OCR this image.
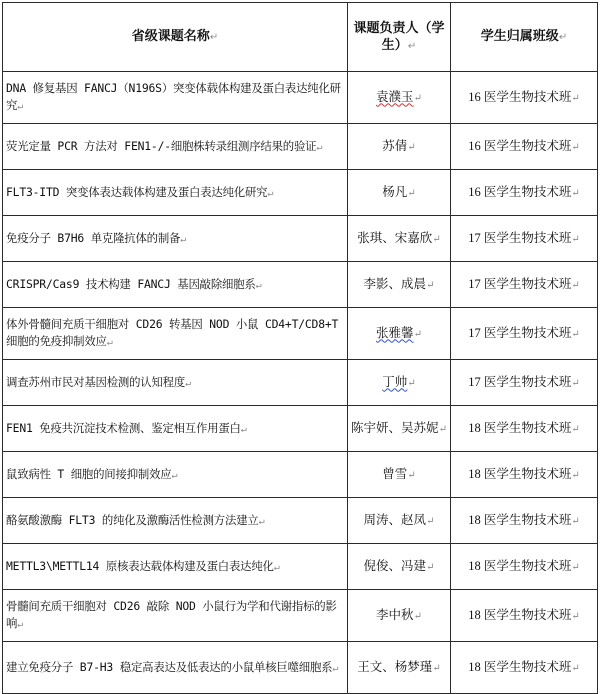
省级课题名称↵	课题负责人（学生）↵	学生归属班级↵
DNA 修复基因 FANCJ（N196S）突变体载体构建及蛋白表达纯化研究↵	袁濮玉↵	16 医学生物技术班↵
荧光定量 PCR 方法对 FEN1-/-细胞株转录组测序结果的验证↵	苏倩↵	16 医学生物技术班↵
FLT3-ITD 突变体表达载体构建及蛋白表达纯化研究↵	杨凡↵	16 医学生物技术班↵
免疫分子 B7H6 单克隆抗体的制备↵	张琪、宋嘉欣↵	17 医学生物技术班↵
CRISPR/Cas9 技术构建 FANCJ 基因敲除细胞系↵	李影、成晨↵	17 医学生物技术班↵
体外骨髓间充质干细胞对 CD26 转基因 NOD 小鼠 CD4+T/CD8+T 细胞的免疫抑制效应↵	张雅馨↵	17 医学生物技术班↵
调查苏州市民对基因检测的认知程度↵	丁帅↵	17 医学生物技术班↵
FEN1 免疫共沉淀技术检测、鉴定相互作用蛋白↵	陈宇妍、吴苏妮↵	18 医学生物技术班↵
鼠致病性 T 细胞的间接抑制效应↵	曾雪↵	18 医学生物技术班↵
酪氨酸激酶 FLT3 的纯化及激酶活性检测方法建立↵	周涛、赵凤↵	18 医学生物技术班↵
METTL3\METTL14 原核表达载体构建及蛋白表达纯化↵	倪俊、冯建↵	18 医学生物技术班↵
骨髓间充质干细胞对 CD26 敲除 NOD 小鼠行为学和代谢指标的影响↵	李中秋↵	18 医学生物技术班↵
建立免疫分子 B7-H3 稳定高表达及低表达的小鼠单核巨噬细胞系↵	王文、杨梦瑾↵	18 医学生物技术班↵
